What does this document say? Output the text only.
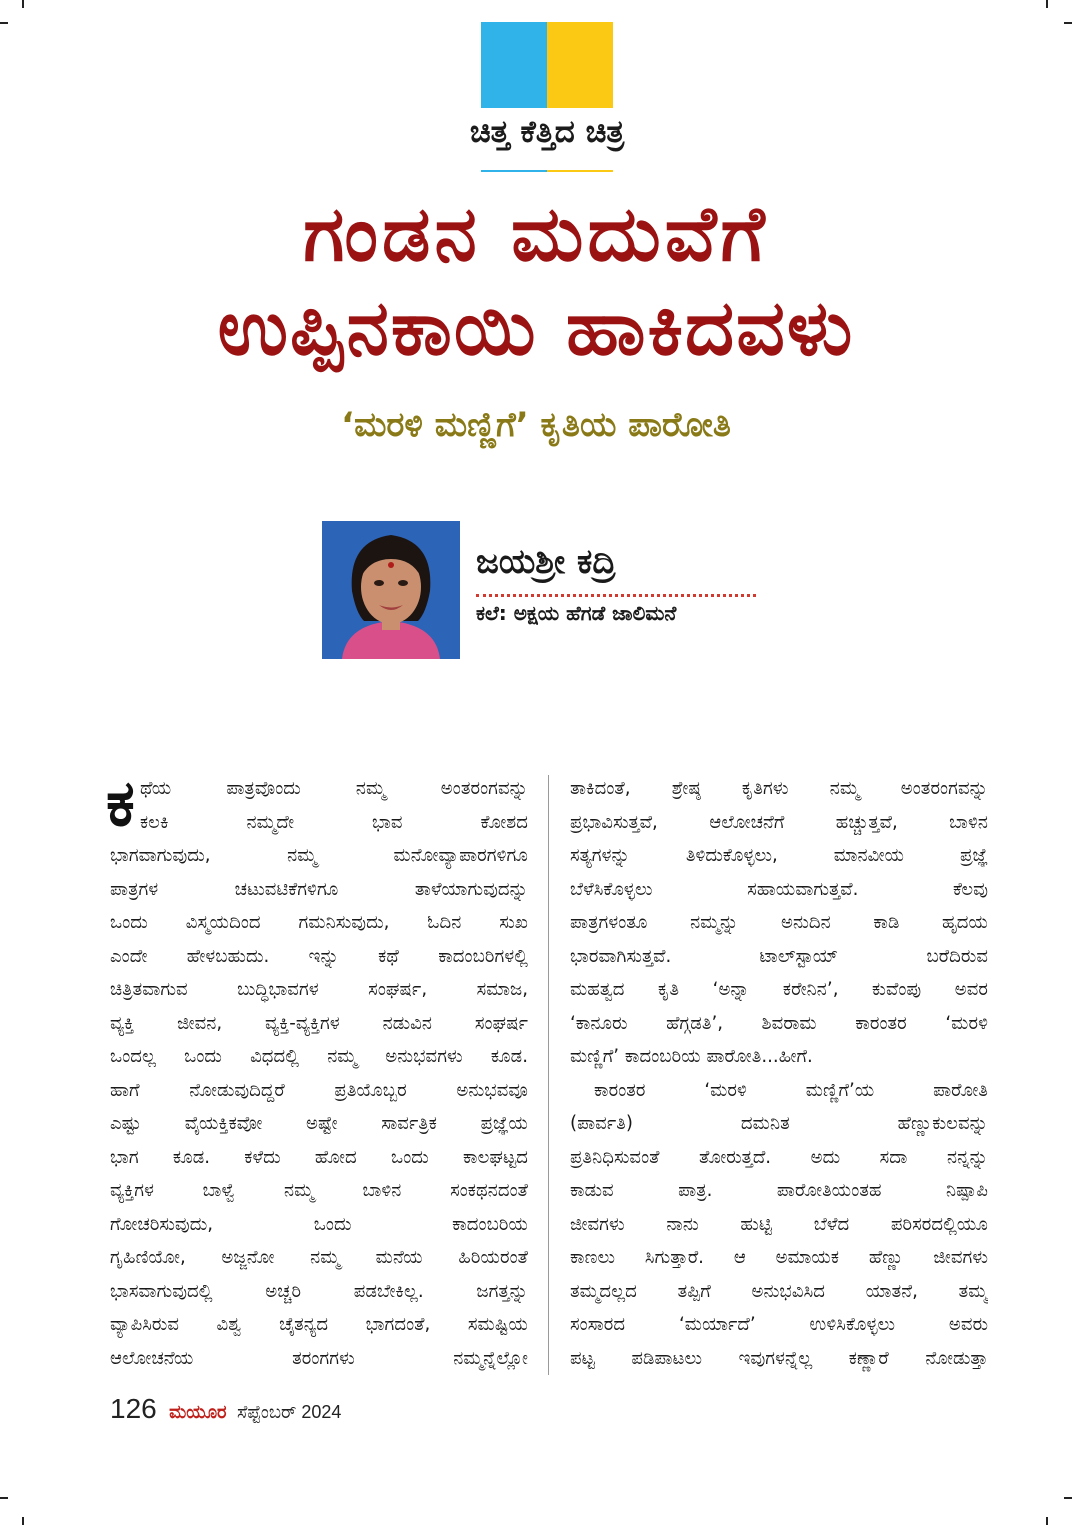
ಚಿತ್ತ ಕೆತ್ತಿದ ಚಿತ್ರ
ಗಂಡನ ಮದುವೆಗೆ
ಉಪ್ಪಿನಕಾಯಿ ಹಾಕಿದವಳು
‘ಮರಳಿ ಮಣ್ಣಿಗೆ’ ಕೃತಿಯ ಪಾರೋತಿ
ಜಯಶ್ರೀ ಕದ್ರಿ
ಕಲೆ: ಅಕ್ಷಯ ಹೆಗಡೆ ಜಾಲಿಮನೆ
ಕ ಥೆಯ ಪಾತ್ರವೊಂದು ನಮ್ಮ ಅಂತರಂಗವನ್ನು
ಕಲಕಿ ನಮ್ಮದೇ ಭಾವ ಕೋಶದ
ಭಾಗವಾಗುವುದು, ನಮ್ಮ ಮನೋವ್ಯಾಪಾರಗಳಿಗೂ
ಪಾತ್ರಗಳ ಚಟುವಟಿಕೆಗಳಿಗೂ ತಾಳೆಯಾಗುವುದನ್ನು
ಒಂದು ವಿಸ್ಮಯದಿಂದ ಗಮನಿಸುವುದು, ಓದಿನ ಸುಖ
ಎಂದೇ ಹೇಳಬಹುದು. ಇನ್ನು ಕಥೆ ಕಾದಂಬರಿಗಳಲ್ಲಿ
ಚಿತ್ರಿತವಾಗುವ ಬುದ್ಧಿಭಾವಗಳ ಸಂಘರ್ಷ, ಸಮಾಜ,
ವ್ಯಕ್ತಿ ಜೀವನ, ವ್ಯಕ್ತಿ-ವ್ಯಕ್ತಿಗಳ ನಡುವಿನ ಸಂಘರ್ಷ
ಒಂದಲ್ಲ ಒಂದು ವಿಧದಲ್ಲಿ ನಮ್ಮ ಅನುಭವಗಳು ಕೂಡ.
ಹಾಗೆ ನೋಡುವುದಿದ್ದರೆ ಪ್ರತಿಯೊಬ್ಬರ ಅನುಭವವೂ
ಎಷ್ಟು ವೈಯಕ್ತಿಕವೋ ಅಷ್ಟೇ ಸಾರ್ವತ್ರಿಕ ಪ್ರಜ್ಞೆಯ
ಭಾಗ ಕೂಡ. ಕಳೆದು ಹೋದ ಒಂದು ಕಾಲಘಟ್ಟದ
ವ್ಯಕ್ತಿಗಳ ಬಾಳ್ವೆ ನಮ್ಮ ಬಾಳಿನ ಸಂಕಥನದಂತೆ
ಗೋಚರಿಸುವುದು, ಒಂದು ಕಾದಂಬರಿಯ
ಗೃಹಿಣಿಯೋ, ಅಜ್ಜನೋ ನಮ್ಮ ಮನೆಯ ಹಿರಿಯರಂತೆ
ಭಾಸವಾಗುವುದಲ್ಲಿ ಅಚ್ಚರಿ ಪಡಬೇಕಿಲ್ಲ. ಜಗತ್ತನ್ನು
ವ್ಯಾಪಿಸಿರುವ ವಿಶ್ವ ಚೈತನ್ಯದ ಭಾಗದಂತೆ, ಸಮಷ್ಟಿಯ
ಆಲೋಚನೆಯ ತರಂಗಗಳು ನಮ್ಮನ್ನೆಲ್ಲೋ
ತಾಕಿದಂತೆ, ಶ್ರೇಷ್ಠ ಕೃತಿಗಳು ನಮ್ಮ ಅಂತರಂಗವನ್ನು
ಪ್ರಭಾವಿಸುತ್ತವೆ, ಆಲೋಚನೆಗೆ ಹಚ್ಚುತ್ತವೆ, ಬಾಳಿನ
ಸತ್ಯಗಳನ್ನು ತಿಳಿದುಕೊಳ್ಳಲು, ಮಾನವೀಯ ಪ್ರಜ್ಞೆ
ಬೆಳೆಸಿಕೊಳ್ಳಲು ಸಹಾಯವಾಗುತ್ತವೆ. ಕೆಲವು
ಪಾತ್ರಗಳಂತೂ ನಮ್ಮನ್ನು ಅನುದಿನ ಕಾಡಿ ಹೃದಯ
ಭಾರವಾಗಿಸುತ್ತವೆ. ಟಾಲ್‌ಸ್ಟಾಯ್ ಬರೆದಿರುವ
ಮಹತ್ವದ ಕೃತಿ ‘ಅನ್ನಾ ಕರೇನಿನ’, ಕುವೆಂಪು ಅವರ
‘ಕಾನೂರು ಹೆಗ್ಗಡತಿ’, ಶಿವರಾಮ ಕಾರಂತರ ‘ಮರಳಿ
ಮಣ್ಣಿಗೆ’ ಕಾದಂಬರಿಯ ಪಾರೋತಿ...ಹೀಗೆ.
ಕಾರಂತರ ‘ಮರಳಿ ಮಣ್ಣಿಗೆ’ಯ ಪಾರೋತಿ
(ಪಾರ್ವತಿ) ದಮನಿತ ಹೆಣ್ಣುಕುಲವನ್ನು
ಪ್ರತಿನಿಧಿಸುವಂತೆ ತೋರುತ್ತದೆ. ಅದು ಸದಾ ನನ್ನನ್ನು
ಕಾಡುವ ಪಾತ್ರ. ಪಾರೋತಿಯಂತಹ ನಿಷ್ಪಾಪಿ
ಜೀವಗಳು ನಾನು ಹುಟ್ಟಿ ಬೆಳೆದ ಪರಿಸರದಲ್ಲಿಯೂ
ಕಾಣಲು ಸಿಗುತ್ತಾರೆ. ಆ ಅಮಾಯಕ ಹೆಣ್ಣು ಜೀವಗಳು
ತಮ್ಮದಲ್ಲದ ತಪ್ಪಿಗೆ ಅನುಭವಿಸಿದ ಯಾತನೆ, ತಮ್ಮ
ಸಂಸಾರದ ‘ಮರ್ಯಾದೆ’ ಉಳಿಸಿಕೊಳ್ಳಲು ಅವರು
ಪಟ್ಟ ಪಡಿಪಾಟಲು ಇವುಗಳನ್ನೆಲ್ಲ ಕಣ್ಣಾರೆ ನೋಡುತ್ತಾ
126 ಮಯೂರ ಸೆಪ್ಟೆಂಬರ್ 2024
